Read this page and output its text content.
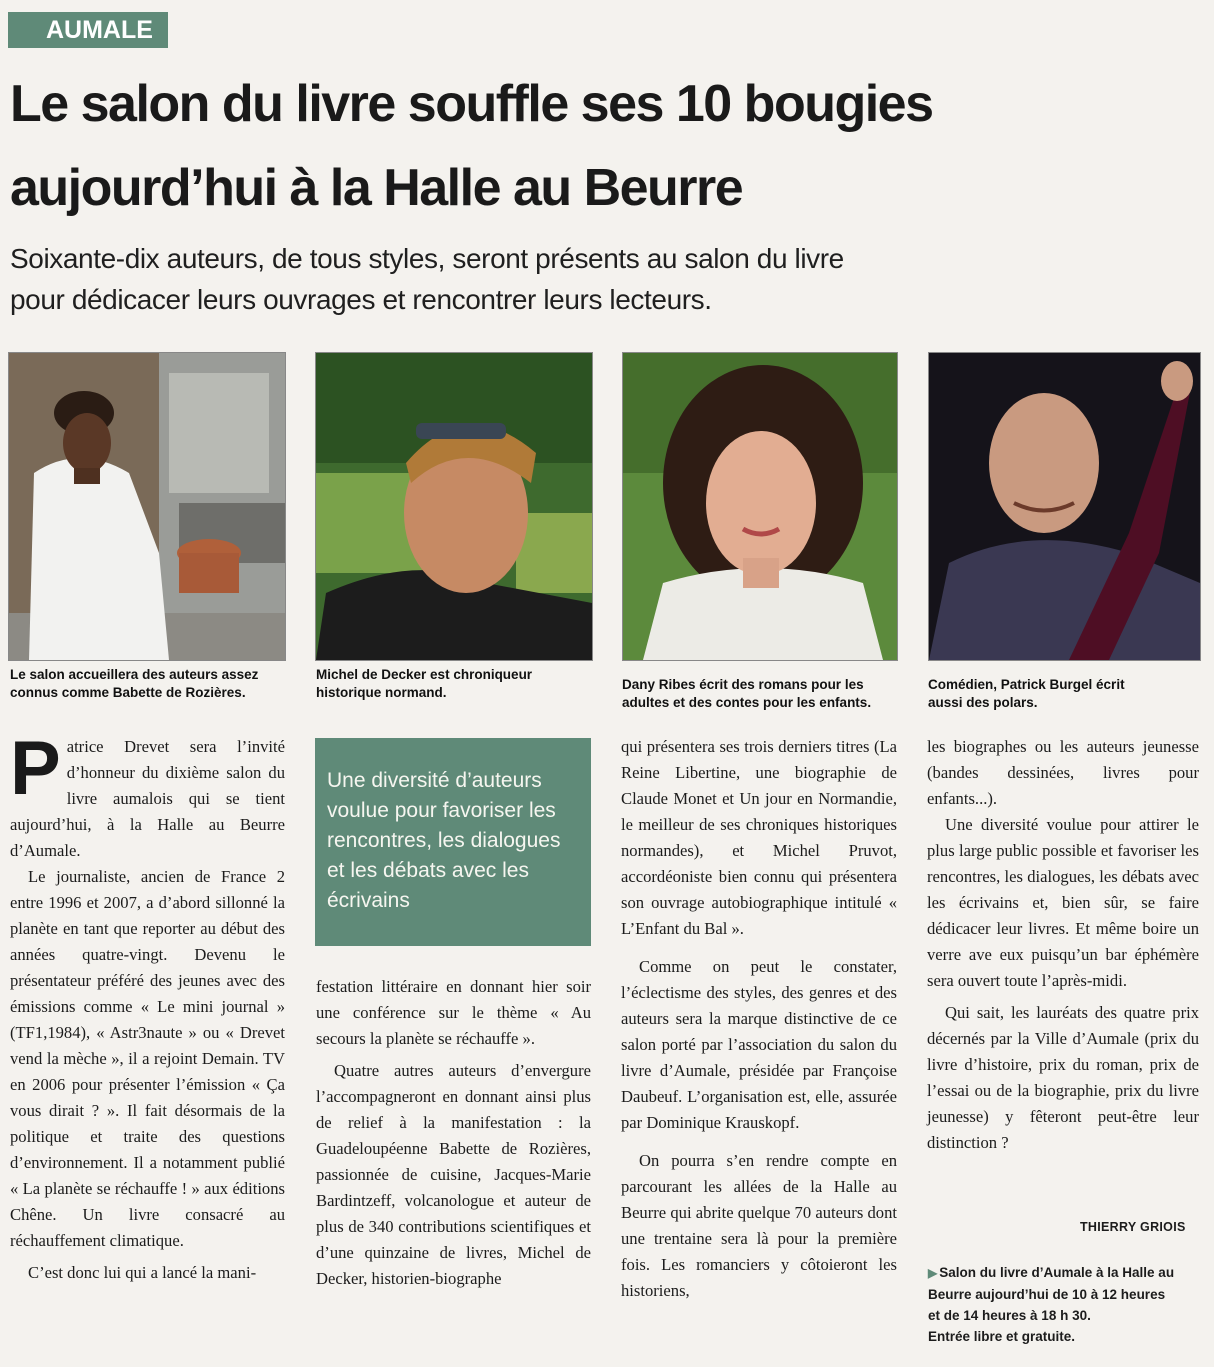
AUMALE
Le salon du livre souffle ses 10 bougies
aujourd’hui à la Halle au Beurre
Soixante-dix auteurs, de tous styles, seront présents au salon du livre
pour dédicacer leurs ouvrages et rencontrer leurs lecteurs.
Le salon accueillera des auteurs assez
connus comme Babette de Rozières.
Michel de Decker est chroniqueur
historique normand.
Dany Ribes écrit des romans pour les
adultes et des contes pour les enfants.
Comédien, Patrick Burgel écrit
aussi des polars.

Patrice Drevet sera l’invité d’honneur du dixième salon du livre aumalois qui se tient aujourd’hui, à la Halle au Beurre d’Aumale.

Le journaliste, ancien de France 2 entre 1996 et 2007, a d’abord sillonné la planète en tant que reporter au début des années quatre-vingt. Devenu le présentateur préféré des jeunes avec des émissions comme « Le mini journal » (TF1,1984), « Astr3naute » ou « Drevet vend la mèche », il a rejoint Demain. TV en 2006 pour présenter l’émission « Ça vous dirait ? ». Il fait désormais de la politique et traite des questions d’environnement. Il a notamment publié « La planète se réchauffe ! » aux éditions Chêne. Un livre consacré au réchauffement climatique.

C’est donc lui qui a lancé la mani-

Une diversité d’auteurs voulue pour favoriser les rencontres, les dialogues et les débats avec les écrivains

festation littéraire en donnant hier soir une conférence sur le thème « Au secours la planète se réchauffe ».

Quatre autres auteurs d’envergure l’accompagneront en donnant ainsi plus de relief à la manifestation : la Guadeloupéenne Babette de Rozières, passionnée de cuisine, Jacques-Marie Bardintzeff, volcanologue et auteur de plus de 340 contributions scientifiques et d’une quinzaine de livres, Michel de Decker, historien-biographe

qui présentera ses trois derniers titres (La Reine Libertine, une biographie de Claude Monet et Un jour en Normandie, le meilleur de ses chroniques historiques normandes), et Michel Pruvot, accordéoniste bien connu qui présentera son ouvrage autobiographique intitulé « L’Enfant du Bal ».

Comme on peut le constater, l’éclectisme des styles, des genres et des auteurs sera la marque distinctive de ce salon porté par l’association du salon du livre d’Aumale, présidée par Françoise Daubeuf. L’organisation est, elle, assurée par Dominique Krauskopf.

On pourra s’en rendre compte en parcourant les allées de la Halle au Beurre qui abrite quelque 70 auteurs dont une trentaine sera là pour la première fois. Les romanciers y côtoieront les historiens,

les biographes ou les auteurs jeunesse (bandes dessinées, livres pour enfants...).

Une diversité voulue pour attirer le plus large public possible et favoriser les rencontres, les dialogues, les débats avec les écrivains et, bien sûr, se faire dédicacer leur livres. Et même boire un verre ave eux puisqu’un bar éphémère sera ouvert toute l’après-midi.

Qui sait, les lauréats des quatre prix décernés par la Ville d’Aumale (prix du livre d’histoire, prix du roman, prix de l’essai ou de la biographie, prix du livre jeunesse) y fêteront peut-être leur distinction ?

THIERRY GRIOIS
▶ Salon du livre d’Aumale à la Halle au
Beurre aujourd’hui de 10 à 12 heures
et de 14 heures à 18 h 30.
Entrée libre et gratuite.
